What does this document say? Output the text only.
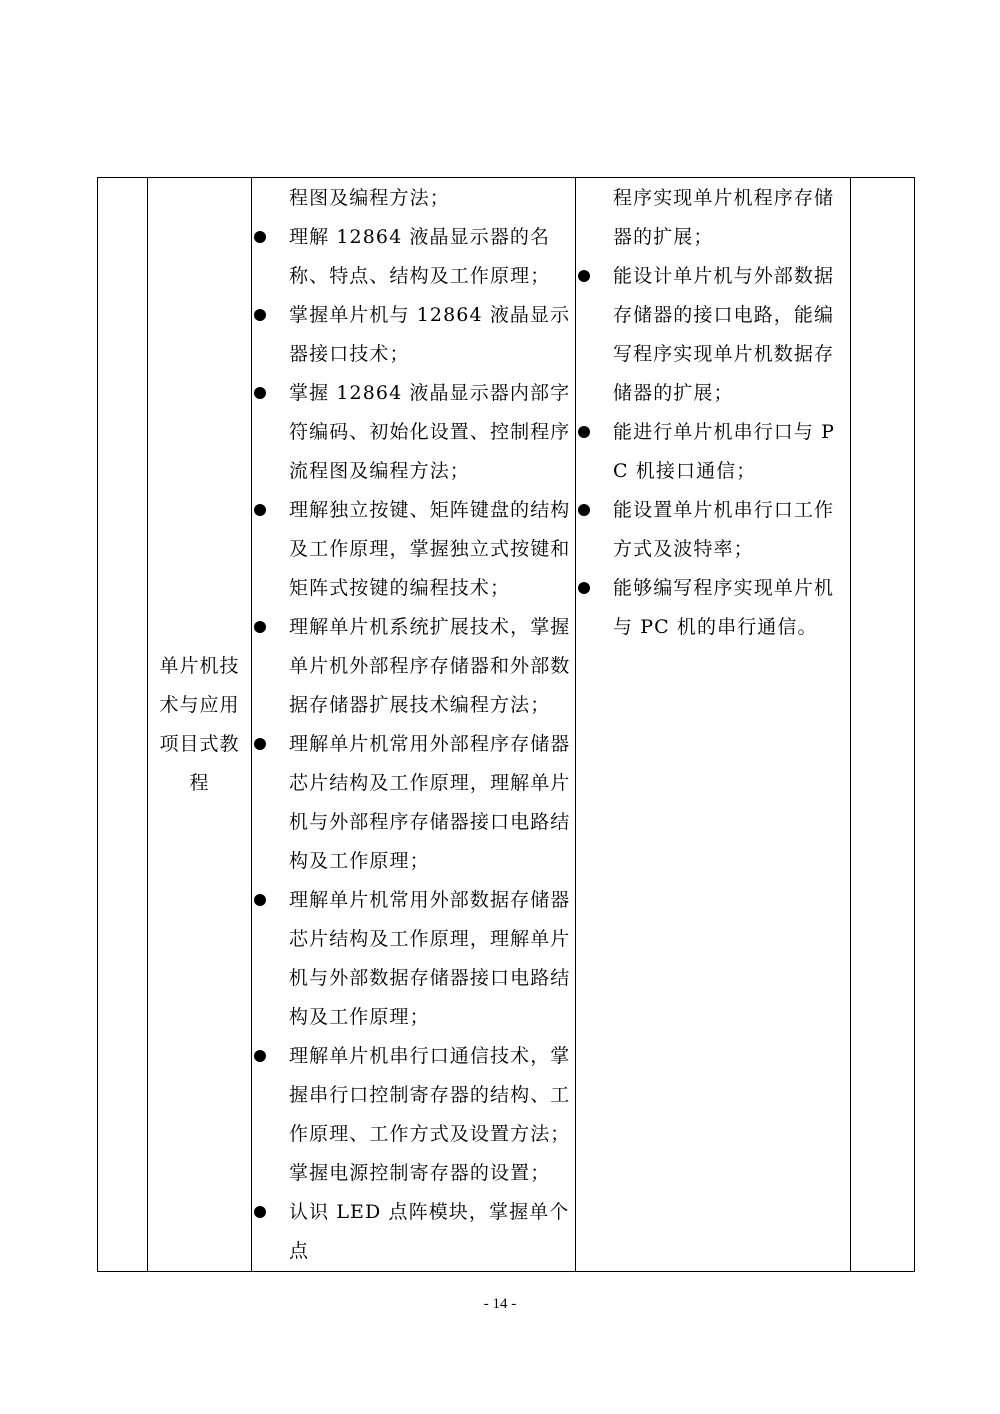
单片机技术与应用项目式教程

程图及编程方法；
理解 12864 液晶显示器的名称、特点、结构及工作原理；
掌握单片机与 12864 液晶显示器接口技术；
掌握 12864 液晶显示器内部字符编码、初始化设置、控制程序流程图及编程方法；
理解独立按键、矩阵键盘的结构及工作原理，掌握独立式按键和矩阵式按键的编程技术；
理解单片机系统扩展技术，掌握单片机外部程序存储器和外部数据存储器扩展技术编程方法；
理解单片机常用外部程序存储器芯片结构及工作原理，理解单片机与外部程序存储器接口电路结构及工作原理；
理解单片机常用外部数据存储器芯片结构及工作原理，理解单片机与外部数据存储器接口电路结构及工作原理；
理解单片机串行口通信技术，掌握串行口控制寄存器的结构、工作原理、工作方式及设置方法；掌握电源控制寄存器的设置；
认识 LED 点阵模块，掌握单个点

程序实现单片机程序存储器的扩展；
能设计单片机与外部数据存储器的接口电路，能编写程序实现单片机数据存储器的扩展；
能进行单片机串行口与 PC 机接口通信；
能设置单片机串行口工作方式及波特率；
能够编写程序实现单片机与 PC 机的串行通信。

- 14 -
